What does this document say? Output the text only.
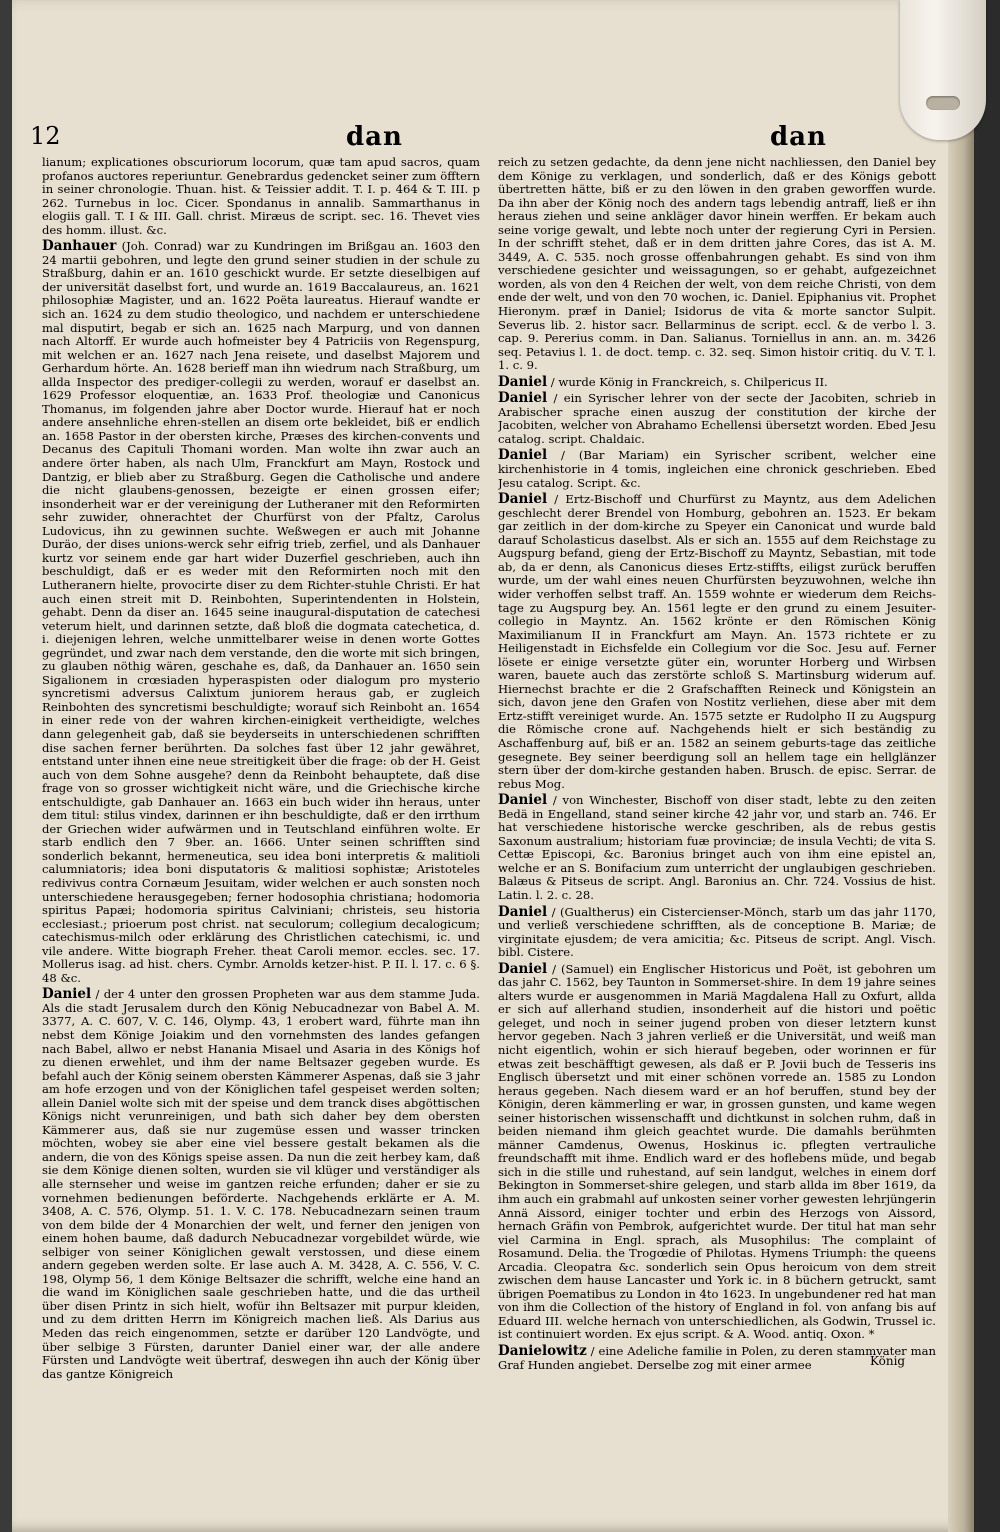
12	dan	dan

lianum; explicationes obscuriorum locorum, quæ tam apud sacros, quam profanos auctores reperiuntur. Genebrardus gedencket seiner zum öfftern in seiner chronologie. Thuan. hist. & Teissier addit. T. I. p. 464 & T. III. p 262. Turnebus in loc. Cicer. Spondanus in annalib. Sammarthanus in elogiis gall. T. I & III. Gall. christ. Miræus de script. sec. 16. Thevet vies des homm. illust. &c.

Danhauer (Joh. Conrad) war zu Kundringen im Brißgau an. 1603 den 24 martii gebohren, und legte den grund seiner studien in der schule zu Straßburg, dahin er an. 1610 geschickt wurde. Er setzte dieselbigen auf der universität daselbst fort, und wurde an. 1619 Baccalaureus, an. 1621 philosophiæ Magister, und an. 1622 Poëta laureatus. Hierauf wandte er sich an. 1624 zu dem studio theologico, und nachdem er unterschiedene mal disputirt, begab er sich an. 1625 nach Marpurg, und von dannen nach Altorff. Er wurde auch hofmeister bey 4 Patriciis von Regenspurg, mit welchen er an. 1627 nach Jena reisete, und daselbst Majorem und Gerhardum hörte. An. 1628 berieff man ihn wiedrum nach Straßburg, um allda Inspector des prediger-collegii zu werden, worauf er daselbst an. 1629 Professor eloquentiæ, an. 1633 Prof. theologiæ und Canonicus Thomanus, im folgenden jahre aber Doctor wurde. Hierauf hat er noch andere ansehnliche ehren-stellen an disem orte bekleidet, biß er endlich an. 1658 Pastor in der obersten kirche, Præses des kirchen-convents und Decanus des Capituli Thomani worden. Man wolte ihn zwar auch an andere örter haben, als nach Ulm, Franckfurt am Mayn, Rostock und Dantzig, er blieb aber zu Straßburg. Gegen die Catholische und andere die nicht glaubens-genossen, bezeigte er einen grossen eifer; insonderheit war er der vereinigung der Lutheraner mit den Reformirten sehr zuwider, ohnerachtet der Churfürst von der Pfaltz, Carolus Ludovicus, ihn zu gewinnen suchte. Weßwegen er auch mit Johanne Duräo, der dises unions-werck sehr eifrig trieb, zerfiel, und als Danhauer kurtz vor seinem ende gar hart wider Duzerfiel geschrieben, auch ihn beschuldigt, daß er es weder mit den Reformirten noch mit den Lutheranern hielte, provocirte diser zu dem Richter-stuhle Christi. Er hat auch einen streit mit D. Reinbohten, Superintendenten in Holstein, gehabt. Denn da diser an. 1645 seine inaugural-disputation de catechesi veterum hielt, und darinnen setzte, daß bloß die dogmata catechetica, d. i. diejenigen lehren, welche unmittelbarer weise in denen worte Gottes gegründet, und zwar nach dem verstande, den die worte mit sich bringen, zu glauben nöthig wären, geschahe es, daß, da Danhauer an. 1650 sein Sigalionem in crœsiaden hyperaspisten oder dialogum pro mysterio syncretismi adversus Calixtum juniorem heraus gab, er zugleich Reinbohten des syncretismi beschuldigte; worauf sich Reinboht an. 1654 in einer rede von der wahren kirchen-einigkeit vertheidigte, welches dann gelegenheit gab, daß sie beyderseits in unterschiedenen schrifften dise sachen ferner berührten. Da solches fast über 12 jahr gewähret, entstand unter ihnen eine neue streitigkeit über die frage: ob der H. Geist auch von dem Sohne ausgehe? denn da Reinboht behauptete, daß dise frage von so grosser wichtigkeit nicht wäre, und die Griechische kirche entschuldigte, gab Danhauer an. 1663 ein buch wider ihn heraus, unter dem titul: stilus vindex, darinnen er ihn beschuldigte, daß er den irrthum der Griechen wider aufwärmen und in Teutschland einführen wolte. Er starb endlich den 7 9ber. an. 1666. Unter seinen schrifften sind sonderlich bekannt, hermeneutica, seu idea boni interpretis & malitioli calumniatoris; idea boni disputatoris & malitiosi sophistæ; Aristoteles redivivus contra Cornæum Jesuitam, wider welchen er auch sonsten noch unterschiedene herausgegeben; ferner hodosophia christiana; hodomoria spiritus Papæi; hodomoria spiritus Calviniani; christeis, seu historia ecclesiast.; prioerum post christ. nat seculorum; collegium decalogicum; catechismus-milch oder erklärung des Christlichen catechismi, ic. und vile andere. Witte biograph Freher. theat Caroli memor. eccles. sec. 17. Mollerus isag. ad hist. chers. Cymbr. Arnolds ketzer-hist. P. II. l. 17. c. 6 §. 48 &c.

Daniel / der 4 unter den grossen Propheten war aus dem stamme Juda. Als die stadt Jerusalem durch den König Nebucadnezar von Babel A. M. 3377, A. C. 607, V. C. 146, Olymp. 43, 1 erobert ward, führte man ihn nebst dem Könige Joiakim und den vornehmsten des landes gefangen nach Babel, allwo er nebst Hanania Misael und Asaria in des Königs hof zu dienen erwehlet, und ihm der name Beltsazer gegeben wurde. Es befahl auch der König seinem obersten Kämmerer Aspenas, daß sie 3 jahr am hofe erzogen und von der Königlichen tafel gespeiset werden solten; allein Daniel wolte sich mit der speise und dem tranck dises abgöttischen Königs nicht verunreinigen, und bath sich daher bey dem obersten Kämmerer aus, daß sie nur zugemüse essen und wasser trincken möchten, wobey sie aber eine viel bessere gestalt bekamen als die andern, die von des Königs speise assen. Da nun die zeit herbey kam, daß sie dem Könige dienen solten, wurden sie vil klüger und verständiger als alle sternseher und weise im gantzen reiche erfunden; daher er sie zu vornehmen bedienungen beförderte. Nachgehends erklärte er A. M. 3408, A. C. 576, Olymp. 51. 1. V. C. 178. Nebucadnezarn seinen traum von dem bilde der 4 Monarchien der welt, und ferner den jenigen von einem hohen baume, daß dadurch Nebucadnezar vorgebildet würde, wie selbiger von seiner Königlichen gewalt verstossen, und diese einem andern gegeben werden solte. Er lase auch A. M. 3428, A. C. 556, V. C. 198, Olymp 56, 1 dem Könige Beltsazer die schrifft, welche eine hand an die wand im Königlichen saale geschrieben hatte, und die das urtheil über disen Printz in sich hielt, wofür ihn Beltsazer mit purpur kleiden, und zu dem dritten Herrn im Königreich machen ließ. Als Darius aus Meden das reich eingenommen, setzte er darüber 120 Landvögte, und über selbige 3 Fürsten, darunter Daniel einer war, der alle andere Fürsten und Landvögte weit übertraf, deswegen ihn auch der König über das gantze Königreich

reich zu setzen gedachte, da denn jene nicht nachliessen, den Daniel bey dem Könige zu verklagen, und sonderlich, daß er des Königs gebott übertretten hätte, biß er zu den löwen in den graben geworffen wurde. Da ihn aber der König noch des andern tags lebendig antraff, ließ er ihn heraus ziehen und seine ankläger davor hinein werffen. Er bekam auch seine vorige gewalt, und lebte noch unter der regierung Cyri in Persien. In der schrifft stehet, daß er in dem dritten jahre Cores, das ist A. M. 3449, A. C. 535. noch grosse offenbahrungen gehabt. Es sind von ihm verschiedene gesichter und weissagungen, so er gehabt, aufgezeichnet worden, als von den 4 Reichen der welt, von dem reiche Christi, von dem ende der welt, und von den 70 wochen, ic. Daniel. Epiphanius vit. Prophet Hieronym. præf in Daniel; Isidorus de vita & morte sanctor Sulpit. Severus lib. 2. histor sacr. Bellarminus de script. eccl. & de verbo l. 3. cap. 9. Pererius comm. in Dan. Salianus. Torniellus in ann. an. m. 3426 seq. Petavius l. 1. de doct. temp. c. 32. seq. Simon histoir critiq. du V. T. l. 1. c. 9.

Daniel / wurde König in Franckreich, s. Chilpericus II.

Daniel / ein Syrischer lehrer von der secte der Jacobiten, schrieb in Arabischer sprache einen auszug der constitution der kirche der Jacobiten, welcher von Abrahamo Echellensi übersetzt worden. Ebed Jesu catalog. script. Chaldaic.

Daniel / (Bar Mariam) ein Syrischer scribent, welcher eine kirchenhistorie in 4 tomis, ingleichen eine chronick geschrieben. Ebed Jesu catalog. Script. &c.

Daniel / Ertz-Bischoff und Churfürst zu Mayntz, aus dem Adelichen geschlecht derer Brendel von Homburg, gebohren an. 1523. Er bekam gar zeitlich in der dom-kirche zu Speyer ein Canonicat und wurde bald darauf Scholasticus daselbst. Als er sich an. 1555 auf dem Reichstage zu Augspurg befand, gieng der Ertz-Bischoff zu Mayntz, Sebastian, mit tode ab, da er denn, als Canonicus dieses Ertz-stiffts, eiligst zurück beruffen wurde, um der wahl eines neuen Churfürsten beyzuwohnen, welche ihn wider verhoffen selbst traff. An. 1559 wohnte er wiederum dem Reichs-tage zu Augspurg bey. An. 1561 legte er den grund zu einem Jesuiter-collegio in Mayntz. An. 1562 krönte er den Römischen König Maximilianum II in Franckfurt am Mayn. An. 1573 richtete er zu Heiligenstadt in Eichsfelde ein Collegium vor die Soc. Jesu auf. Ferner lösete er einige versetzte güter ein, worunter Horberg und Wirbsen waren, bauete auch das zerstörte schloß S. Martinsburg widerum auf. Hiernechst brachte er die 2 Grafschafften Reineck und Königstein an sich, davon jene den Grafen von Nostitz verliehen, diese aber mit dem Ertz-stifft vereiniget wurde. An. 1575 setzte er Rudolpho II zu Augspurg die Römische crone auf. Nachgehends hielt er sich beständig zu Aschaffenburg auf, biß er an. 1582 an seinem geburts-tage das zeitliche gesegnete. Bey seiner beerdigung soll an hellem tage ein hellglänzer stern über der dom-kirche gestanden haben. Brusch. de episc. Serrar. de rebus Mog.

Daniel / von Winchester, Bischoff von diser stadt, lebte zu den zeiten Bedä in Engelland, stand seiner kirche 42 jahr vor, und starb an. 746. Er hat verschiedene historische wercke geschriben, als de rebus gestis Saxonum australium; historiam fuæ provinciæ; de insula Vechti; de vita S. Cettæ Episcopi, &c. Baronius bringet auch von ihm eine epistel an, welche er an S. Bonifacium zum unterricht der unglaubigen geschrieben. Balæus & Pitseus de script. Angl. Baronius an. Chr. 724. Vossius de hist. Latin. l. 2. c. 28.

Daniel / (Gualtherus) ein Cistercienser-Mönch, starb um das jahr 1170, und verließ verschiedene schrifften, als de conceptione B. Mariæ; de virginitate ejusdem; de vera amicitia; &c. Pitseus de script. Angl. Visch. bibl. Cistere.

Daniel / (Samuel) ein Englischer Historicus und Poët, ist gebohren um das jahr C. 1562, bey Taunton in Sommerset-shire. In dem 19 jahre seines alters wurde er ausgenommen in Mariä Magdalena Hall zu Oxfurt, allda er sich auf allerhand studien, insonderheit auf die histori und poëtic geleget, und noch in seiner jugend proben von dieser letztern kunst hervor gegeben. Nach 3 jahren verließ er die Universität, und weiß man nicht eigentlich, wohin er sich hierauf begeben, oder worinnen er für etwas zeit beschäfftigt gewesen, als daß er P. Jovii buch de Tesseris ins Englisch übersetzt und mit einer schönen vorrede an. 1585 zu London heraus gegeben. Nach diesem ward er an hof beruffen, stund bey der Königin, deren kämmerling er war, in grossen gunsten, und kame wegen seiner historischen wissenschafft und dichtkunst in solchen ruhm, daß in beiden niemand ihm gleich geachtet wurde. Die damahls berühmten männer Camdenus, Owenus, Hoskinus ic. pflegten vertrauliche freundschafft mit ihme. Endlich ward er des hoflebens müde, und begab sich in die stille und ruhestand, auf sein landgut, welches in einem dorf Bekington in Sommerset-shire gelegen, und starb allda im 8ber 1619, da ihm auch ein grabmahl auf unkosten seiner vorher gewesten lehrjüngerin Annä Aissord, einiger tochter und erbin des Herzogs von Aissord, hernach Gräfin von Pembrok, aufgerichtet wurde. Der titul hat man sehr viel Carmina in Engl. sprach, als Musophilus: The complaint of Rosamund. Delia. the Trogœdie of Philotas. Hymens Triumph: the queens Arcadia. Cleopatra &c. sonderlich sein Opus heroicum von dem streit zwischen dem hause Lancaster und York ic. in 8 büchern getruckt, samt übrigen Poematibus zu London in 4to 1623. In ungebundener red hat man von ihm die Collection of the history of England in fol. von anfang bis auf Eduard III. welche hernach von unterschiedlichen, als Godwin, Trussel ic. ist continuiert worden. Ex ejus script. & A. Wood. antiq. Oxon. *

Danielowitz / eine Adeliche familie in Polen, zu deren stammvater man Graf Hunden angiebet. Derselbe zog mit einer armee	König
